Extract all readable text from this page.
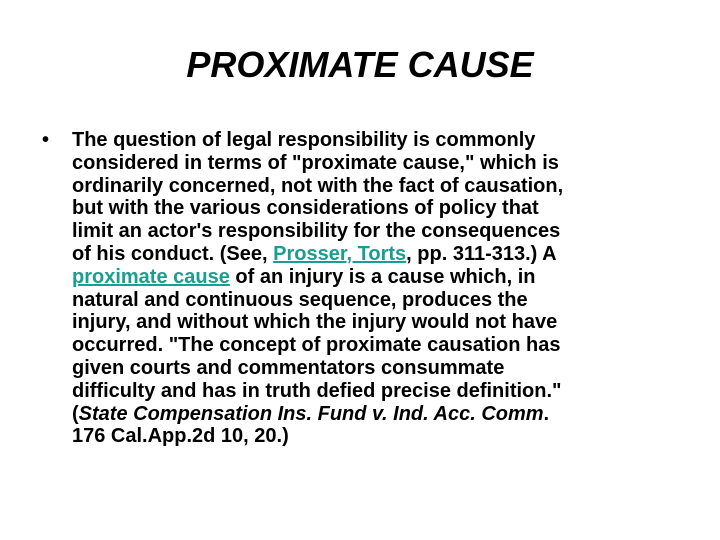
PROXIMATE CAUSE
• The question of legal responsibility is commonly
considered in terms of "proximate cause," which is
ordinarily concerned, not with the fact of causation,
but with the various considerations of policy that
limit an actor's responsibility for the consequences
of his conduct. (See, Prosser, Torts, pp. 311-313.) A
proximate cause of an injury is a cause which, in
natural and continuous sequence, produces the
injury, and without which the injury would not have
occurred. "The concept of proximate causation has
given courts and commentators consummate
difficulty and has in truth defied precise definition."
(State Compensation Ins. Fund v. Ind. Acc. Comm.
176 Cal.App.2d 10, 20.)
